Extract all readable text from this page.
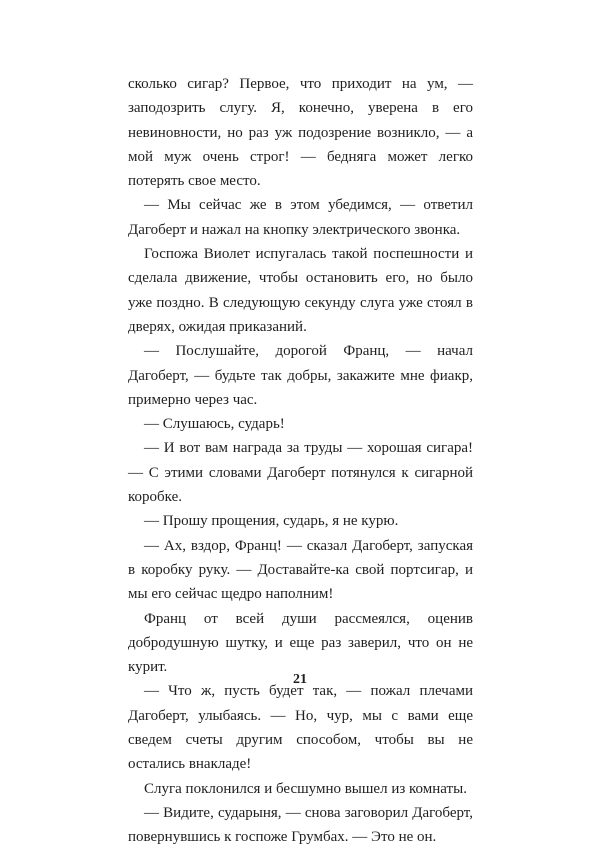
сколько сигар? Первое, что приходит на ум, — заподозрить слугу. Я, конечно, уверена в его невиновности, но раз уж подозрение возникло, — а мой муж очень строг! — бедняга может легко потерять свое место.

— Мы сейчас же в этом убедимся, — ответил Дагоберт и нажал на кнопку электрического звонка.

Госпожа Виолет испугалась такой поспешности и сделала движение, чтобы остановить его, но было уже поздно. В следующую секунду слуга уже стоял в дверях, ожидая приказаний.

— Послушайте, дорогой Франц, — начал Дагоберт, — будьте так добры, закажите мне фиакр, примерно через час.

— Слушаюсь, сударь!

— И вот вам награда за труды — хорошая сигара! — С этими словами Дагоберт потянулся к сигарной коробке.

— Прошу прощения, сударь, я не курю.

— Ах, вздор, Франц! — сказал Дагоберт, запуская в коробку руку. — Доставайте-ка свой портсигар, и мы его сейчас щедро наполним!

Франц от всей души рассмеялся, оценив добродушную шутку, и еще раз заверил, что он не курит.

— Что ж, пусть будет так, — пожал плечами Дагоберт, улыбаясь. — Но, чур, мы с вами еще сведем счеты другим способом, чтобы вы не остались внакладе!

Слуга поклонился и бесшумно вышел из комнаты.

— Видите, сударыня, — снова заговорил Дагоберт, повернувшись к госпоже Грумбах. — Это не он.

21
